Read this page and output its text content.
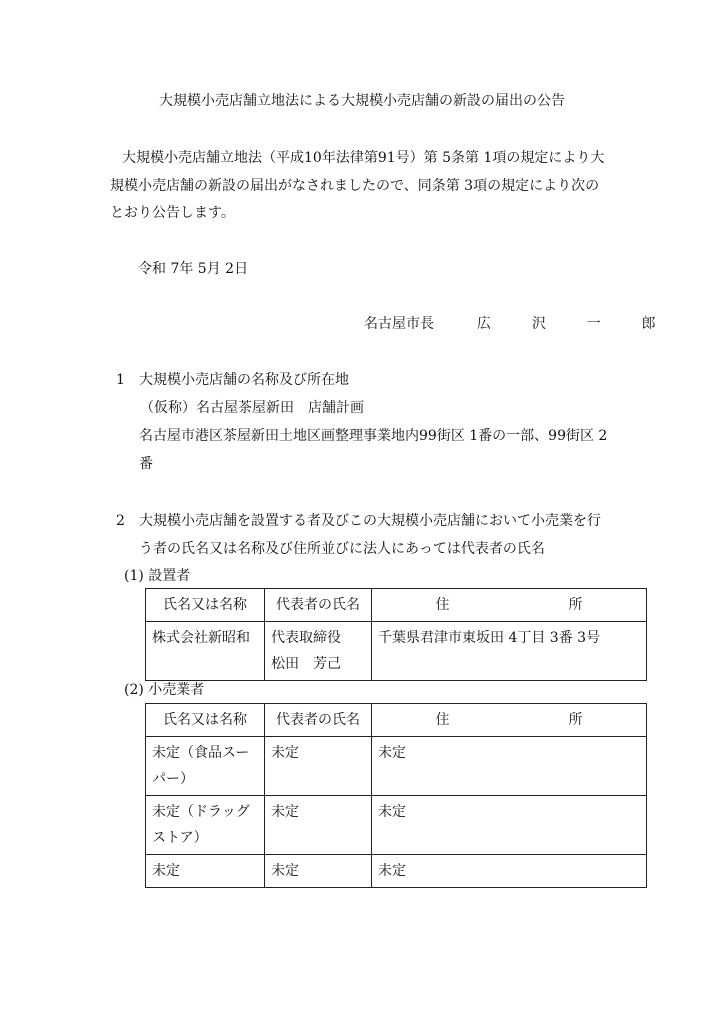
大規模小売店舗立地法による大規模小売店舗の新設の届出の公告
大規模小売店舗立地法（平成10年法律第91号）第 5条第 1項の規定により大
規模小売店舗の新設の届出がなされましたので、同条第 3項の規定により次の
とおり公告します。
令和 7年 5月 2日
名古屋市長	広	沢	一	郎
1 大規模小売店舗の名称及び所在地
（仮称）名古屋茶屋新田　店舗計画
名古屋市港区茶屋新田土地区画整理事業地内99街区 1番の一部、99街区 2
番
2 大規模小売店舗を設置する者及びこの大規模小売店舗において小売業を行
う者の氏名又は名称及び住所並びに法人にあっては代表者の氏名
(1) 設置者
氏名又は名称	代表者の氏名	住 所
株式会社新昭和	代表取締役
松田　芳己	千葉県君津市東坂田 4丁目 3番 3号
(2) 小売業者
氏名又は名称	代表者の氏名	住 所

未定（食品スー
パー）	未定	未定

未定（ドラッグ
ストア）	未定	未定
未定	未定	未定
